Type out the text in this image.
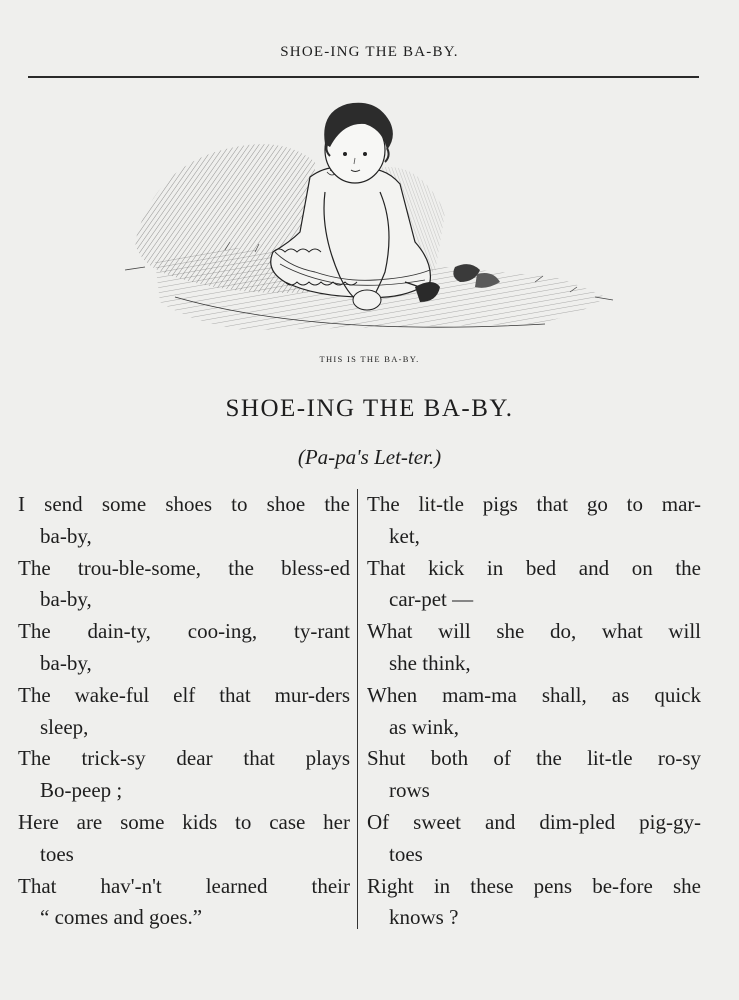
SHOE-ING THE BA-BY.
THIS IS THE BA-BY.
SHOE-ING THE BA-BY.
(Pa-pa's Let-ter.)
I send some shoes to shoe the
ba-by,
The trou-ble-some, the bless-ed
ba-by,
The dain-ty, coo-ing, ty-rant
ba-by,
The wake-ful elf that mur-ders
sleep,
The trick-sy dear that plays
Bo-peep ;
Here are some kids to case her
toes
That hav'-n't learned their
“ comes and goes.”
The lit-tle pigs that go to mar-
ket,
That kick in bed and on the
car-pet —
What will she do, what will
she think,
When mam-ma shall, as quick
as wink,
Shut both of the lit-tle ro-sy
rows
Of sweet and dim-pled pig-gy-
toes
Right in these pens be-fore she
knows ?
